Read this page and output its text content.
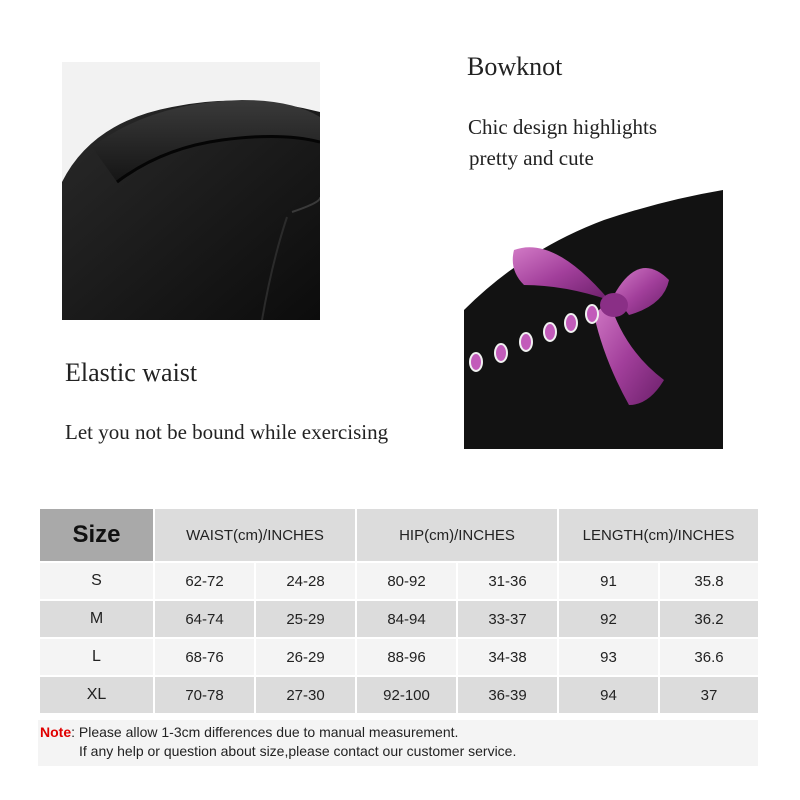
Bowknot
Chic design highlights
pretty and cute
Elastic waist
Let you not be bound while exercising
Size	WAIST(cm)/INCHES		HIP(cm)/INCHES		LENGTH(cm)/INCHES	
S	62-72	24-28	80-92	31-36	91	35.8
M	64-74	25-29	84-94	33-37	92	36.2
L	68-76	26-29	88-96	34-38	93	36.6
XL	70-78	27-30	92-100	36-39	94	37
Note: Please allow 1-3cm differences due to manual measurement.
If any help or question about size,please contact our customer service.
